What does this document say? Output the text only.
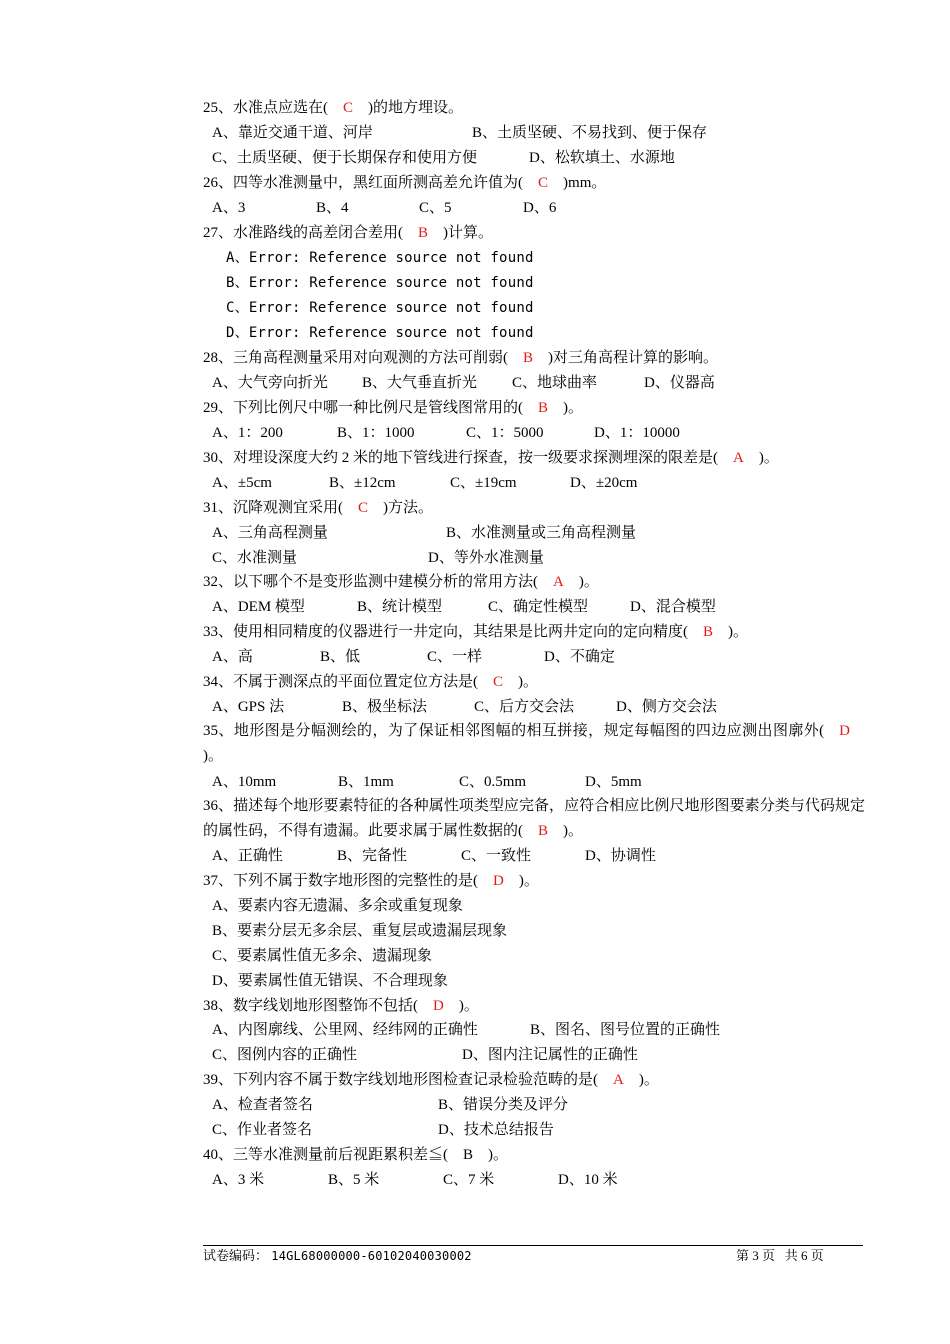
25、水准点应选在(  C  )的地方埋设。
A、靠近交通干道、河岸	B、土质坚硬、不易找到、便于保存
C、土质坚硬、便于长期保存和使用方便	D、松软填土、水源地
26、四等水准测量中，黑红面所测高差允许值为(  C  )mm。
A、3	B、4	C、5	D、6
27、水准路线的高差闭合差用(  B  )计算。
A、Error: Reference source not found
B、Error: Reference source not found
C、Error: Reference source not found
D、Error: Reference source not found
28、三角高程测量采用对向观测的方法可削弱(  B  )对三角高程计算的影响。
A、大气旁向折光 B、大气垂直折光 C、地球曲率	D、仪器高
29、下列比例尺中哪一种比例尺是管线图常用的(  B  )。
A、1：200	B、1：1000	C、1：5000	D、1：10000
30、对埋设深度大约 2 米的地下管线进行探查，按一级要求探测埋深的限差是(  A  )。
A、±5cm	B、±12cm	C、±19cm	D、±20cm
31、沉降观测宜采用(  C  )方法。
A、三角高程测量	B、水准测量或三角高程测量
C、水准测量	D、等外水准测量
32、以下哪个不是变形监测中建模分析的常用方法(  A  )。
A、DEM 模型	B、统计模型	C、确定性模型	D、混合模型
33、使用相同精度的仪器进行一井定向，其结果是比两井定向的定向精度(  B  )。
A、高	B、低	C、一样	D、不确定
34、不属于测深点的平面位置定位方法是(  C  )。
A、GPS 法	B、极坐标法	C、后方交会法	D、侧方交会法
35、地形图是分幅测绘的，为了保证相邻图幅的相互拼接，规定每幅图的四边应测出图廓外(  D  )。
A、10mm	B、1mm	C、0.5mm	D、5mm
36、描述每个地形要素特征的各种属性项类型应完备，应符合相应比例尺地形图要素分类与代码规定的属性码，不得有遗漏。此要求属于属性数据的(  B  )。
A、正确性	B、完备性	C、一致性	D、协调性
37、下列不属于数字地形图的完整性的是(  D  )。
A、要素内容无遗漏、多余或重复现象
B、要素分层无多余层、重复层或遗漏层现象
C、要素属性值无多余、遗漏现象
D、要素属性值无错误、不合理现象
38、数字线划地形图整饰不包括(  D  )。
A、内图廓线、公里网、经纬网的正确性	B、图名、图号位置的正确性
C、图例内容的正确性	D、图内注记属性的正确性
39、下列内容不属于数字线划地形图检查记录检验范畴的是(  A  )。
A、检查者签名	B、错误分类及评分
C、作业者签名	D、技术总结报告
40、三等水准测量前后视距累积差≦(  B  )。
A、3 米	B、5 米	C、7 米	D、10 米
试卷编码： 14GL68000000-60102040030002	第 3 页   共 6 页
